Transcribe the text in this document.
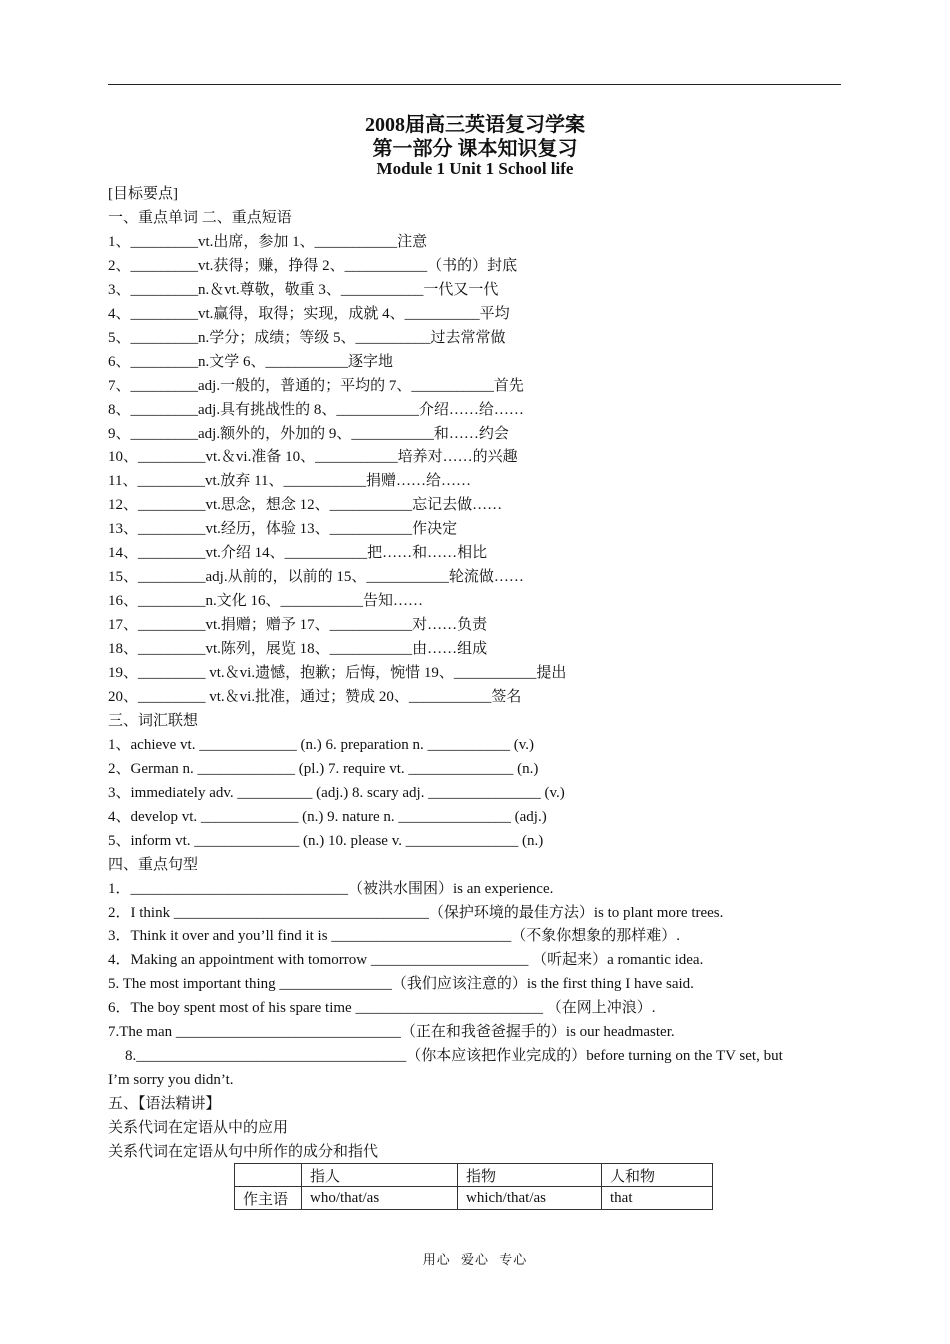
2008届高三英语复习学案
第一部分 课本知识复习
Module 1 Unit 1 School life
[目标要点]
一、重点单词 二、重点短语
1、_________vt.出席，参加 1、___________注意
2、_________vt.获得；赚，挣得 2、___________（书的）封底
3、_________n.＆vt.尊敬，敬重 3、___________一代又一代
4、_________vt.赢得，取得；实现，成就 4、__________平均
5、_________n.学分；成绩；等级 5、__________过去常常做
6、_________n.文学 6、___________逐字地
7、_________adj.一般的，普通的；平均的 7、___________首先
8、_________adj.具有挑战性的 8、___________介绍……给……
9、_________adj.额外的，外加的 9、___________和……约会
10、_________vt.＆vi.准备 10、___________培养对……的兴趣
11、_________vt.放弃 11、___________捐赠……给……
12、_________vt.思念，想念 12、___________忘记去做……
13、_________vt.经历，体验 13、___________作决定
14、_________vt.介绍 14、___________把……和……相比
15、_________adj.从前的，以前的 15、___________轮流做……
16、_________n.文化 16、___________告知……
17、_________vt.捐赠；赠予 17、___________对……负责
18、_________vt.陈列，展览 18、___________由……组成
19、_________ vt.＆vi.遗憾，抱歉；后悔，惋惜 19、___________提出
20、_________ vt.＆vi.批准，通过；赞成 20、___________签名
三、词汇联想
1、achieve vt. _____________ (n.) 6. preparation n. ___________ (v.)
2、German n. _____________ (pl.) 7. require vt. ______________ (n.)
3、immediately adv. __________ (adj.) 8. scary adj. _______________ (v.)
4、develop vt. _____________ (n.) 9. nature n. _______________ (adj.)
5、inform vt. ______________ (n.) 10. please v. _______________ (n.)
四、重点句型
1．_____________________________（被洪水围困）is an experience.
2．I think __________________________________（保护环境的最佳方法）is to plant more trees.
3．Think it over and you’ll find it is ________________________（不象你想象的那样难）.
4．Making an appointment with tomorrow _____________________ （听起来）a romantic idea.
5. The most important thing _______________（我们应该注意的）is the first thing I have said.
6．The boy spent most of his spare time _________________________ （在网上冲浪）.
7.The man ______________________________（正在和我爸爸握手的）is our headmaster.
8.____________________________________（你本应该把作业完成的）before turning on the TV set, but
I’m sorry you didn’t.
五、【语法精讲】
关系代词在定语从中的应用
关系代词在定语从句中所作的成分和指代
	指人	指物	人和物
作主语	who/that/as	which/that/as	that
用心 爱心 专心
